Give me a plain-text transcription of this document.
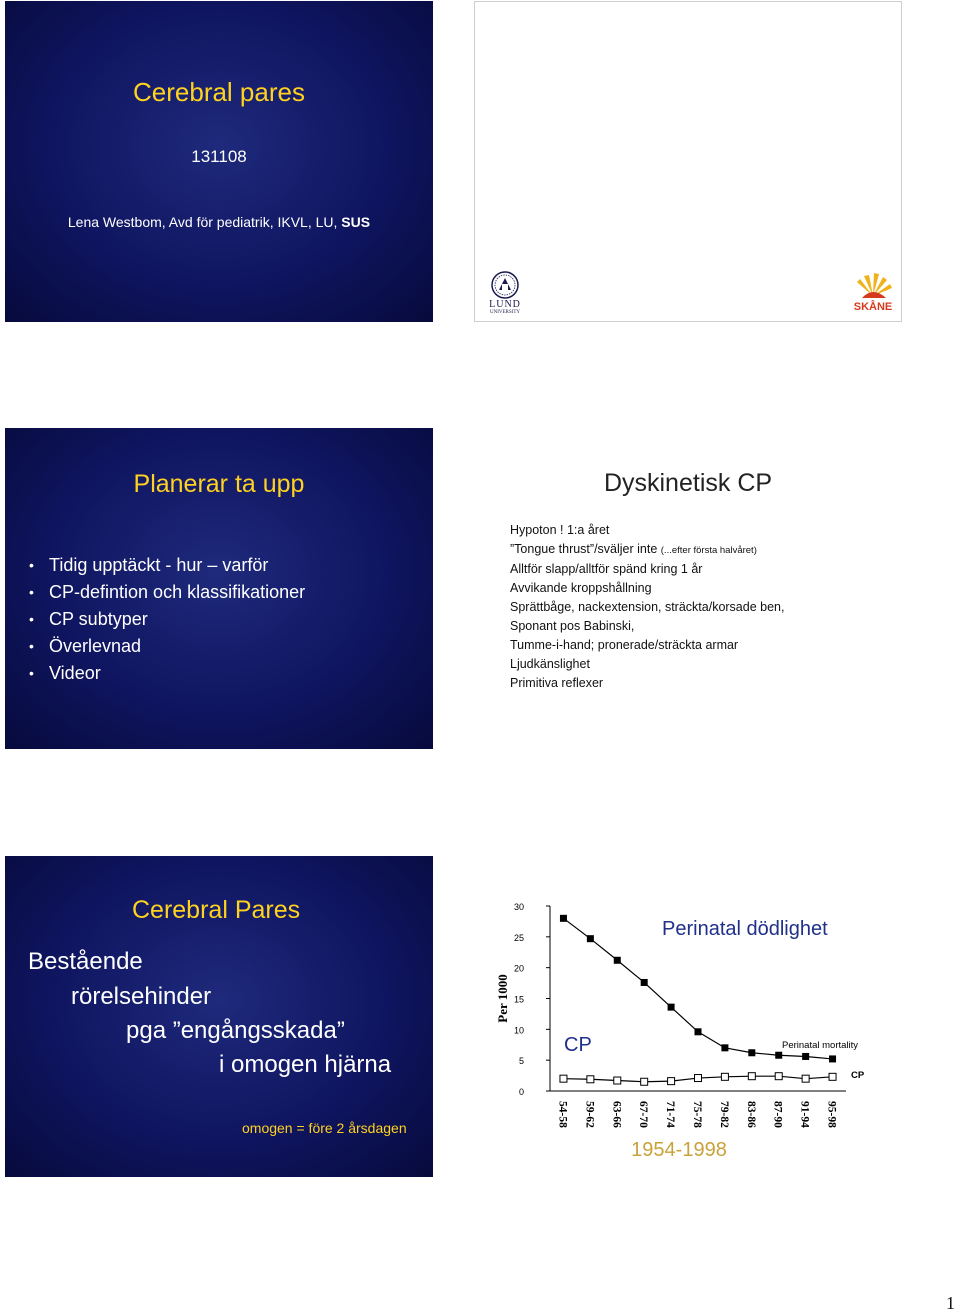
Cerebral pares
131108
Lena Westbom, Avd för pediatrik, IKVL, LU, SUS
LUND
UNIVERSITY	SKÅNE
Planerar ta upp
• Tidig upptäckt - hur – varför
• CP-defintion och klassifikationer
• CP subtyper
• Överlevnad
• Videor
Dyskinetisk CP
Hypoton ! 1:a året
”Tongue thrust”/sväljer inte (...efter första halvåret)
Alltför slapp/alltför spänd kring 1 år
Avvikande kroppshållning
Sprättbåge, nackextension, sträckta/korsade ben,
Sponant pos Babinski,
Tumme-i-hand; pronerade/sträckta armar
Ljudkänslighet
Primitiva reflexer
Cerebral Pares
Bestående
rörelsehinder
pga ”engångsskada”
i omogen hjärna
omogen = före 2 årsdagen
0
5
10
15
20
25
30
Per 1000
54-58 59-62 63-66 67-70 71-74 75-78 79-82 83-86 87-90 91-94 95-98
Perinatal dödlighet
CP	Perinatal mortality
CP
1954-1998
1
